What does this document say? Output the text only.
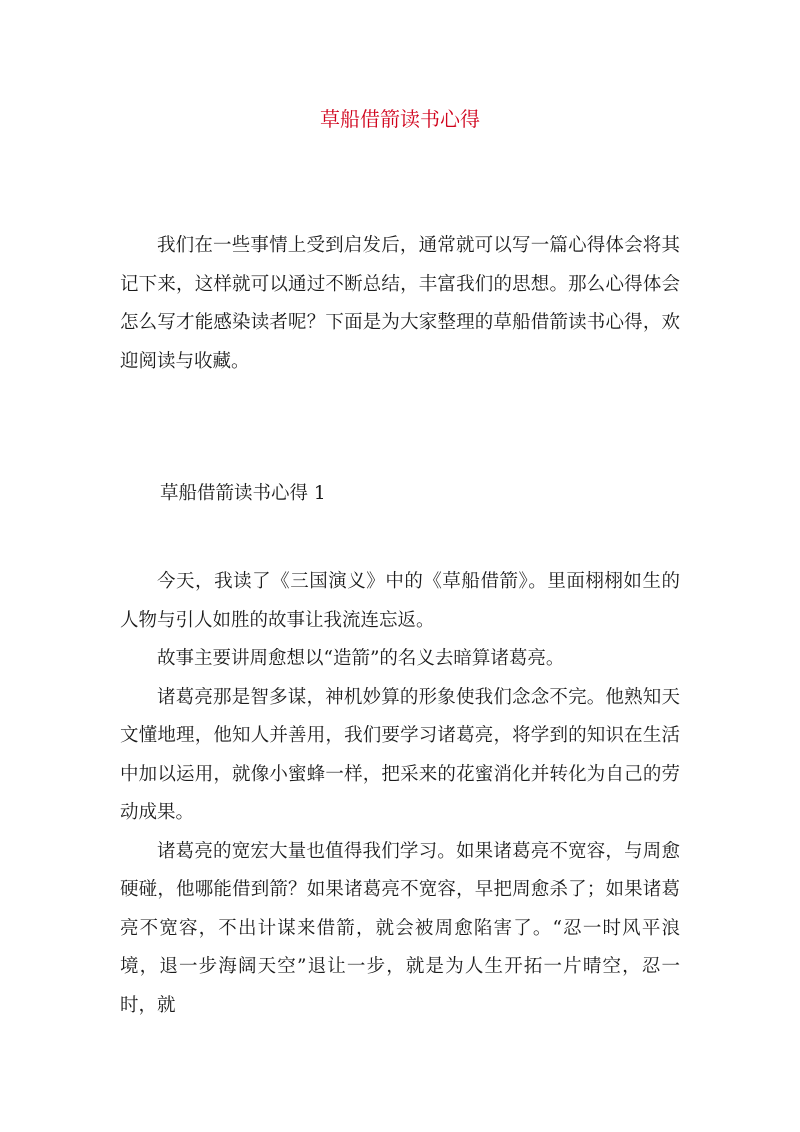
草船借箭读书心得

我们在一些事情上受到启发后，通常就可以写一篇心得体会将其记下来，这样就可以通过不断总结，丰富我们的思想。那么心得体会怎么写才能感染读者呢？下面是为大家整理的草船借箭读书心得，欢迎阅读与收藏。

草船借箭读书心得 1

今天，我读了《三国演义》中的《草船借箭》。里面栩栩如生的人物与引人如胜的故事让我流连忘返。

故事主要讲周愈想以“造箭”的名义去暗算诸葛亮。

诸葛亮那是智多谋，神机妙算的形象使我们念念不完。他熟知天文懂地理，他知人并善用，我们要学习诸葛亮，将学到的知识在生活中加以运用，就像小蜜蜂一样，把采来的花蜜消化并转化为自己的劳动成果。

诸葛亮的宽宏大量也值得我们学习。如果诸葛亮不宽容，与周愈硬碰，他哪能借到箭？如果诸葛亮不宽容，早把周愈杀了；如果诸葛亮不宽容，不出计谋来借箭，就会被周愈陷害了。“忍一时风平浪境，退一步海阔天空”退让一步，就是为人生开拓一片晴空，忍一时，就
